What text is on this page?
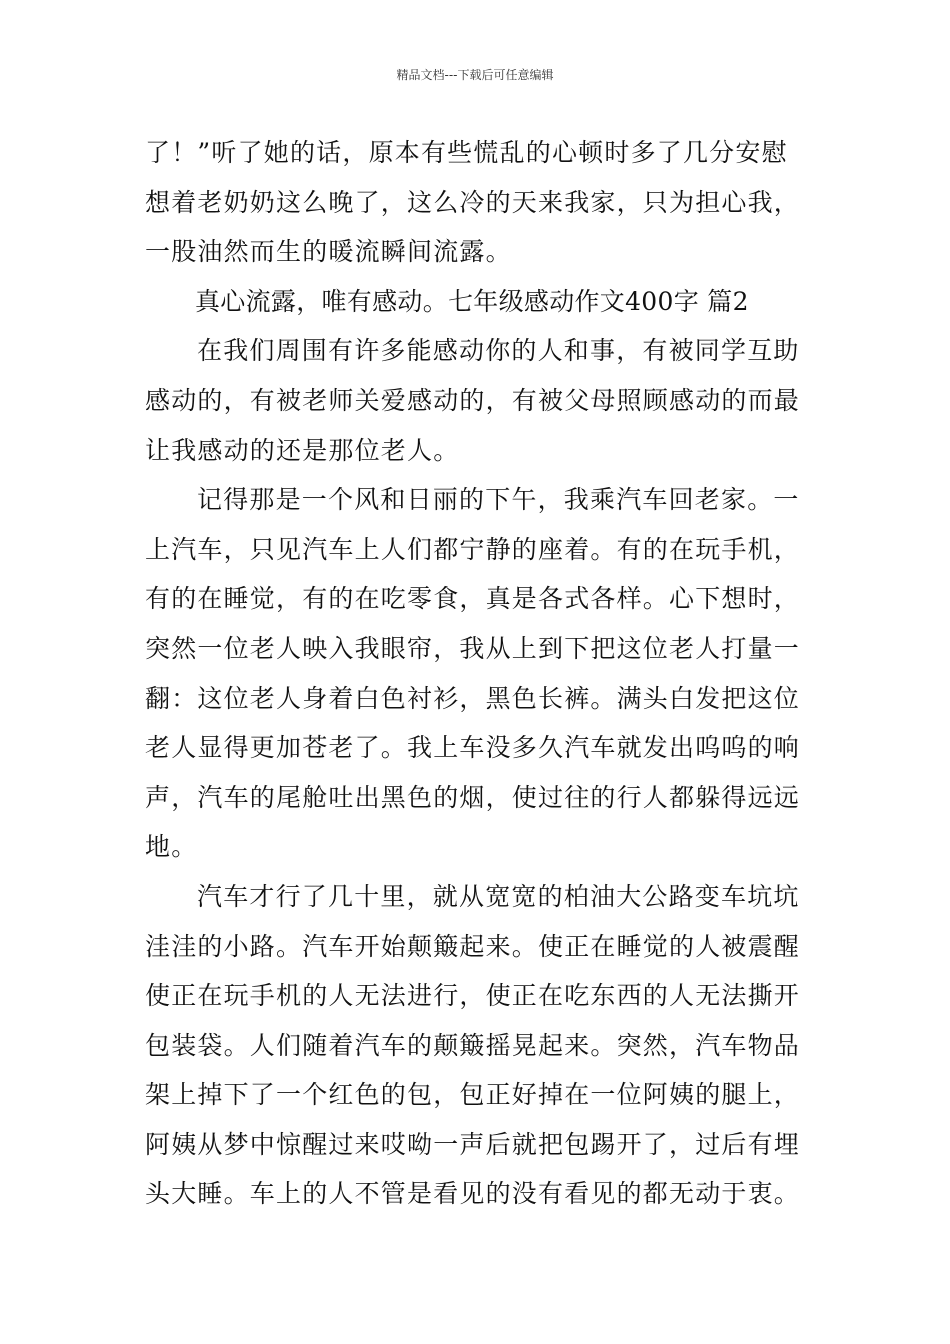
精品文档---下载后可任意编辑
了！”听了她的话，原本有些慌乱的心顿时多了几分安慰
想着老奶奶这么晚了，这么冷的天来我家，只为担心我，
一股油然而生的暖流瞬间流露。
真心流露，唯有感动。七年级感动作文400字 篇2
在我们周围有许多能感动你的人和事，有被同学互助
感动的，有被老师关爱感动的，有被父母照顾感动的而最
让我感动的还是那位老人。
记得那是一个风和日丽的下午，我乘汽车回老家。一
上汽车，只见汽车上人们都宁静的座着。有的在玩手机，
有的在睡觉，有的在吃零食，真是各式各样。心下想时，
突然一位老人映入我眼帘，我从上到下把这位老人打量一
翻：这位老人身着白色衬衫，黑色长裤。满头白发把这位
老人显得更加苍老了。我上车没多久汽车就发出呜呜的响
声，汽车的尾舱吐出黑色的烟，使过往的行人都躲得远远
地。
汽车才行了几十里，就从宽宽的柏油大公路变车坑坑
洼洼的小路。汽车开始颠簸起来。使正在睡觉的人被震醒
使正在玩手机的人无法进行，使正在吃东西的人无法撕开
包装袋。人们随着汽车的颠簸摇晃起来。突然，汽车物品
架上掉下了一个红色的包，包正好掉在一位阿姨的腿上，
阿姨从梦中惊醒过来哎呦一声后就把包踢开了，过后有埋
头大睡。车上的人不管是看见的没有看见的都无动于衷。
